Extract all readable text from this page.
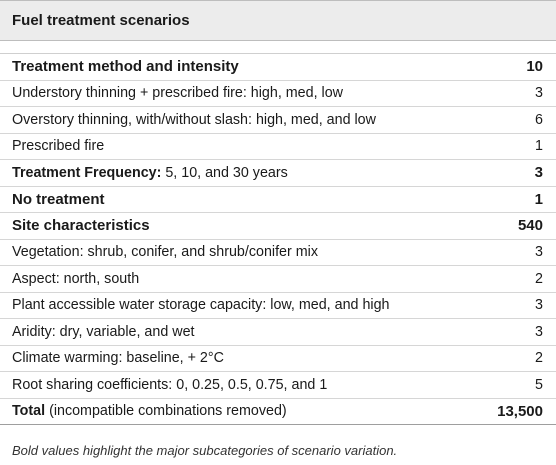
Fuel treatment scenarios
Treatment method and intensity	10
Understory thinning + prescribed fire: high, med, low	3
Overstory thinning, with/without slash: high, med, and low	6
Prescribed fire	1
Treatment Frequency: 5, 10, and 30 years	3
No treatment	1
Site characteristics	540
Vegetation: shrub, conifer, and shrub/conifer mix	3
Aspect: north, south	2
Plant accessible water storage capacity: low, med, and high	3
Aridity: dry, variable, and wet	3
Climate warming: baseline, + 2°C	2
Root sharing coefficients: 0, 0.25, 0.5, 0.75, and 1	5
Total (incompatible combinations removed)	13,500
Bold values highlight the major subcategories of scenario variation.
